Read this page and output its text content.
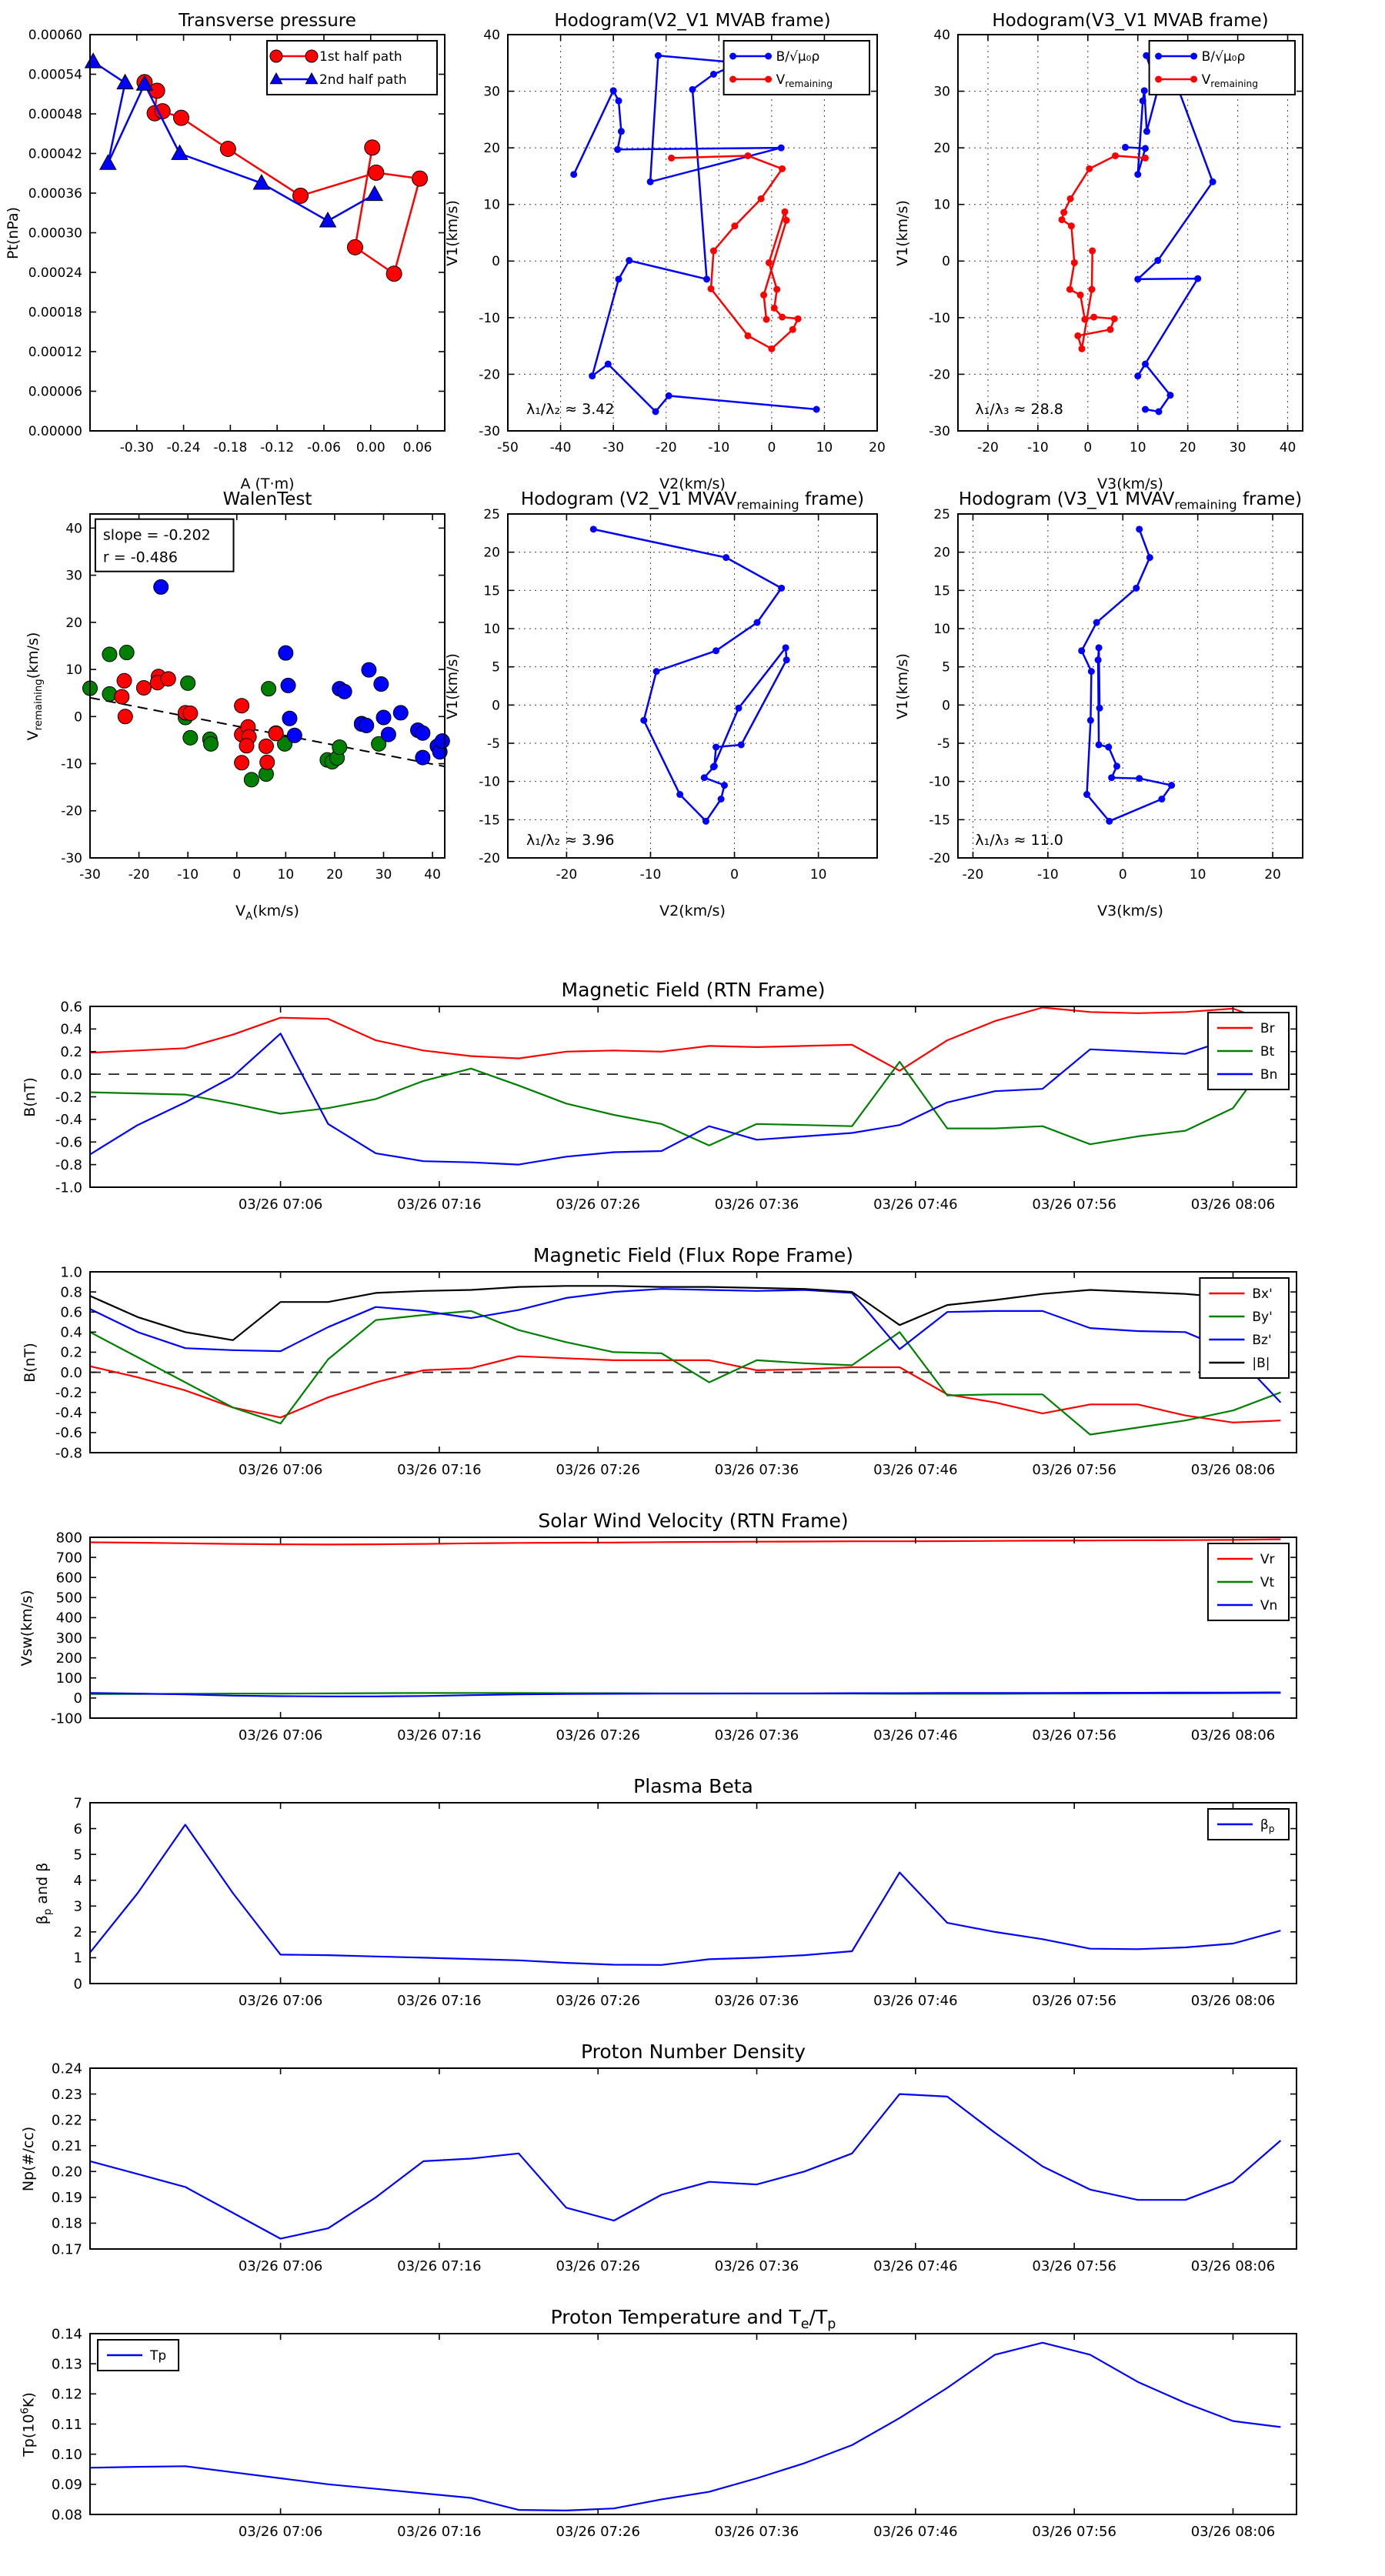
Transverse pressure
A (T·m)
Pt(nPa)
-0.30 -0.24 -0.18 -0.12 -0.06 0.00 0.06
0.00000
0.00006
0.00012
0.00018
0.00024
0.00030
0.00036
0.00042
0.00048
0.00054
0.00060
1st half path
2nd half path
Hodogram(V2_V1 MVAB frame)
V2(km/s)
V1(km/s)
-50 -40 -30 -20 -10	0	10	20
-30
-20
-10
0
10
20
30
40
λ₁/λ₂ ≈ 3.42
B/√μ₀ρ
$V_{remaining}$
Hodogram(V3_V1 MVAB frame)
V3(km/s)
V1(km/s)
-20 -10	0	10	20	30	40
-30
-20
-10
0
10
20
30
40
λ₁/λ₃ ≈ 28.8
B/√μ₀ρ
$V_{remaining}$
WalenTest
$V_A(km/s)$
$V_{remaining}(km/s)$
-30 -20 -10	0	10 20 30 40
-30
-20
-10
0
10
20
30
40 slope = -0.202
r = -0.486
Hodogram (V2_V1 $MVAV_{remaining}$ frame)
V2(km/s)
V1(km/s)
-20	-10	0	10
-20
-15
-10
-5
0
5
10
15
20
25
λ₁/λ₂ ≈ 3.96
Hodogram (V3_V1 $MVAV_{remaining}$ frame)
V3(km/s)
V1(km/s)
-20	-10	0	10	20
-20
-15
-10
-5
0
5
10
15
20
25
λ₁/λ₃ ≈ 11.0
Magnetic Field (RTN Frame)
B(nT)
03/26 07:06	03/26 07:16	03/26 07:26	03/26 07:36	03/26 07:46	03/26 07:56	03/26 08:06
-1.0
-0.8
-0.6
-0.4
-0.2
0.0
0.2
0.4
0.6
Br
Bt
Bn
Magnetic Field (Flux Rope Frame)
B(nT)
03/26 07:06	03/26 07:16	03/26 07:26	03/26 07:36	03/26 07:46	03/26 07:56	03/26 08:06
-0.8
-0.6
-0.4
-0.2
0.0
0.2
0.4
0.6
0.8
1.0
Bx'
By'
Bz'
|B|
Solar Wind Velocity (RTN Frame)
Vsw(km/s)
03/26 07:06	03/26 07:16	03/26 07:26	03/26 07:36	03/26 07:46	03/26 07:56	03/26 08:06
-100
0
100
200
300
400
500
600
700
800
Vr
Vt
Vn
Plasma Beta
$\beta_p$ and β
03/26 07:06	03/26 07:16	03/26 07:26	03/26 07:36	03/26 07:46	03/26 07:56	03/26 08:06
0
1
2
3
4
5
6
7
$\beta_p$
Proton Number Density
Np(#/cc)
03/26 07:06	03/26 07:16	03/26 07:26	03/26 07:36	03/26 07:46	03/26 07:56	03/26 08:06
0.17
0.18
0.19
0.20
0.21
0.22
0.23
0.24
Proton Temperature and $T_e/T_p$
$Tp(10^6K)$
03/26 07:06	03/26 07:16	03/26 07:26	03/26 07:36	03/26 07:46	03/26 07:56	03/26 08:06
0.08
0.09
0.10
0.11
0.12
0.13
0.14
Tp
